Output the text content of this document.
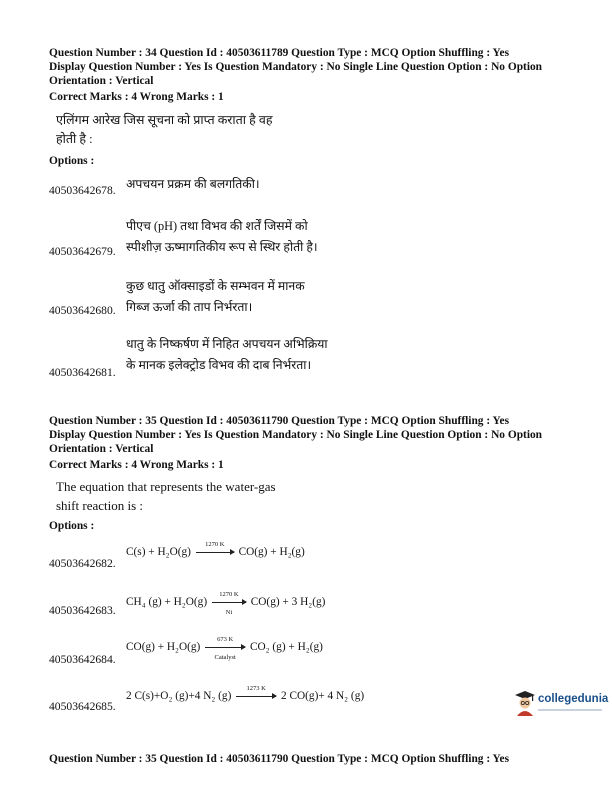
Question Number : 34 Question Id : 40503611789 Question Type : MCQ Option Shuffling : Yes

Display Question Number : Yes Is Question Mandatory : No Single Line Question Option : No Option

Orientation : Vertical

Correct Marks : 4 Wrong Marks : 1

एलिंगम आरेख जिस सूचना को प्राप्त कराता है वह
होती है :

Options :

अपचयन प्रक्रम की बलगतिकी।
40503642678.
पीएच (pH) तथा विभव की शर्तें जिसमें को
स्पीशीज़ ऊष्मागतिकीय रूप से स्थिर होती है।
40503642679.
कुछ धातु ऑक्साइडों के सम्भवन में मानक
गिब्ज ऊर्जा की ताप निर्भरता।
40503642680.
धातु के निष्कर्षण में निहित अपचयन अभिक्रिया
के मानक इलेक्ट्रोड विभव की दाब निर्भरता।
40503642681.

Question Number : 35 Question Id : 40503611790 Question Type : MCQ Option Shuffling : Yes

Display Question Number : Yes Is Question Mandatory : No Single Line Question Option : No Option

Orientation : Vertical

Correct Marks : 4 Wrong Marks : 1

The equation that represents the water-gas
shift reaction is :

Options :

C(s) + H₂O(g)
1270 K
CO(g) + H₂(g)
40503642682.
CH₄ $(g) + H_2O(g) \frac{1270 K}{Ni} CO(g) + 3$ H₂(g)
40503642683.
CO(g) + H₂O(g)
673 K
Catalyst
CO₂ (g) + H₂(g)
40503642684.
2 C(s)+O₂ (g)+4 N₂ (g)
1273 K
2 CO(g)+ 4 N₂ (g)
40503642685.
collegedunia

Question Number : 35 Question Id : 40503611790 Question Type : MCQ Option Shuffling : Yes
